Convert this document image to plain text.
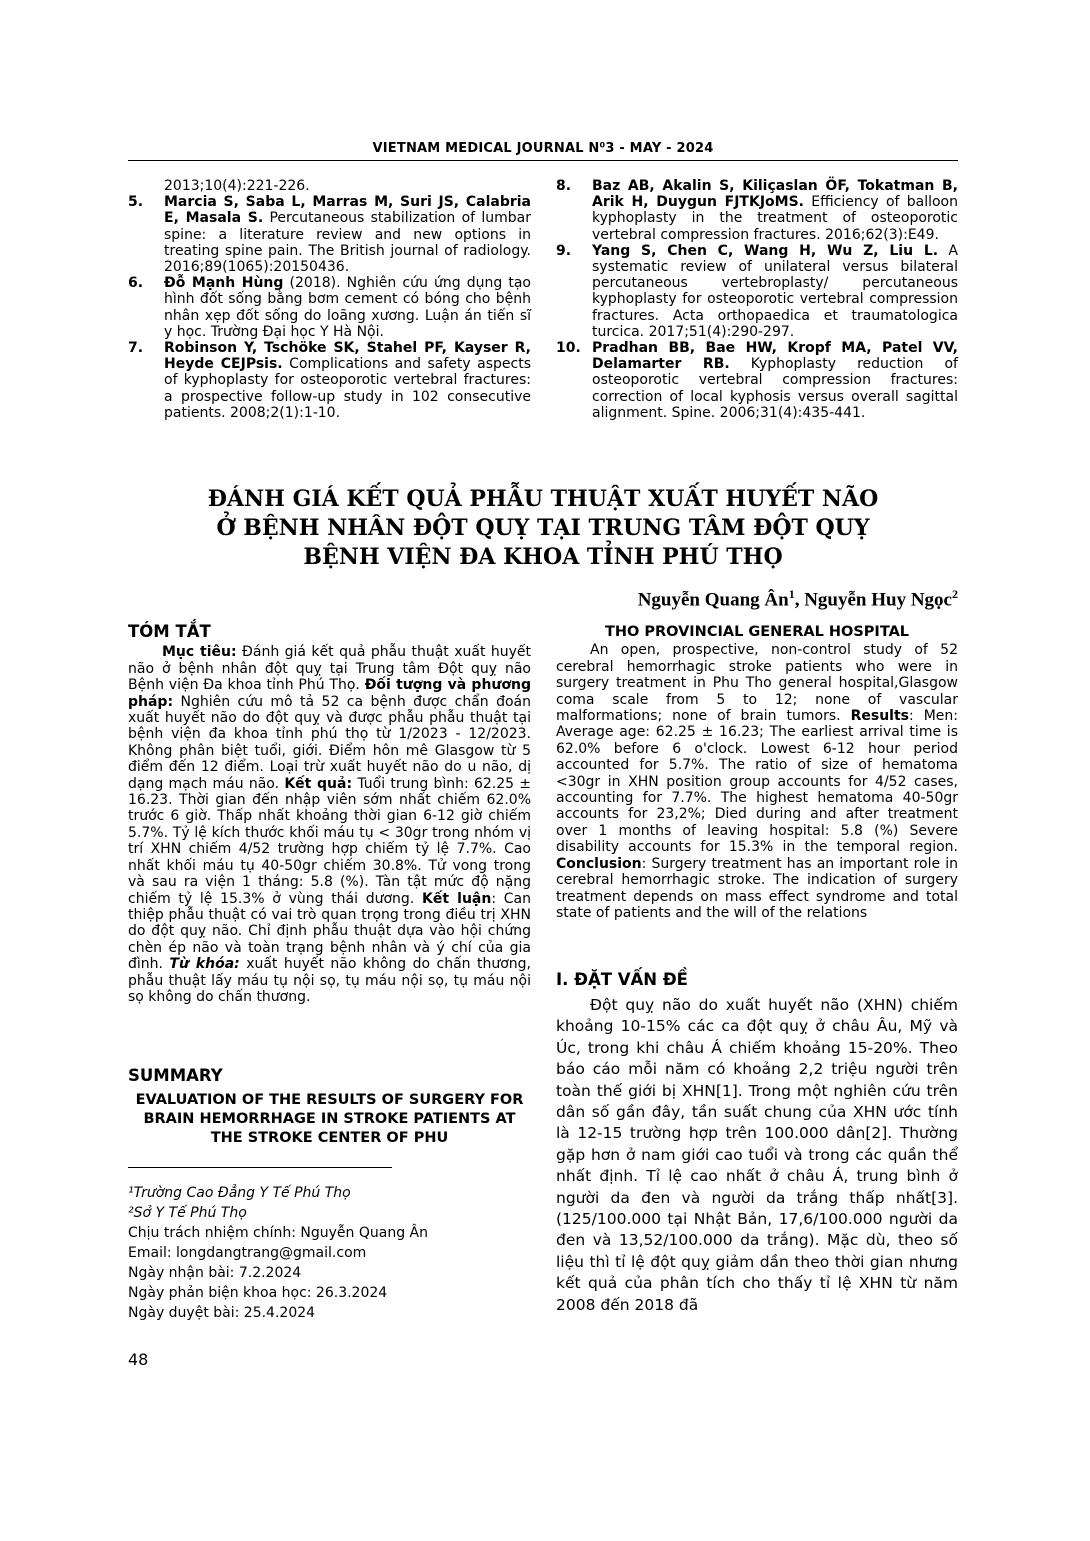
VIETNAM MEDICAL JOURNAL N⁰3 - MAY - 2024
2013;10(4):221-226.
5.	Marcia S, Saba L, Marras M, Suri JS, Calabria E, Masala S. Percutaneous stabilization of lumbar spine: a literature review and new options in treating spine pain. The British journal of radiology. 2016;89(1065):20150436.
6.	Đỗ Mạnh Hùng (2018). Nghiên cứu ứng dụng tạo hình đốt sống bằng bơm cement có bóng cho bệnh nhân xẹp đốt sống do loãng xương. Luận án tiến sĩ y học. Trường Đại học Y Hà Nội.
7.	Robinson Y, Tschöke SK, Stahel PF, Kayser R, Heyde CEJPsis. Complications and safety aspects of kyphoplasty for osteoporotic vertebral fractures: a prospective follow-up study in 102 consecutive patients. 2008;2(1):1-10.
8.	Baz AB, Akalin S, Kiliçaslan ÖF, Tokatman B, Arik H, Duygun FJTKJoMS. Efficiency of balloon kyphoplasty in the treatment of osteoporotic vertebral compression fractures. 2016;62(3):E49.
9.	Yang S, Chen C, Wang H, Wu Z, Liu L. A systematic review of unilateral versus bilateral percutaneous vertebroplasty/ percutaneous kyphoplasty for osteoporotic vertebral compression fractures. Acta orthopaedica et traumatologica turcica. 2017;51(4):290-297.
10. Pradhan BB, Bae HW, Kropf MA, Patel VV, Delamarter RB. Kyphoplasty reduction of osteoporotic vertebral compression fractures: correction of local kyphosis versus overall sagittal alignment. Spine. 2006;31(4):435-441.
ĐÁNH GIÁ KẾT QUẢ PHẪU THUẬT XUẤT HUYẾT NÃO
Ở BỆNH NHÂN ĐỘT QUỴ TẠI TRUNG TÂM ĐỘT QUỴ
BỆNH VIỆN ĐA KHOA TỈNH PHÚ THỌ
Nguyễn Quang $Ân^1$, Nguyễn Huy Ngọc$^2$
TÓM TẮT

Mục tiêu: Đánh giá kết quả phẫu thuật xuất huyết não ở bệnh nhân đột quỵ tại Trung tâm Đột quỵ não Bệnh viện Đa khoa tỉnh Phú Thọ. Đối tượng và phương pháp: Nghiên cứu mô tả 52 ca bệnh được chẩn đoán xuất huyết não do đột quỵ và được phẫu phẫu thuật tại bệnh viện đa khoa tỉnh phú thọ từ 1/2023 - 12/2023. Không phân biệt tuổi, giới. Điểm hôn mê Glasgow từ 5 điểm đến 12 điểm. Loại trừ xuất huyết não do u não, dị dạng mạch máu não. Kết quả: Tuổi trung bình: 62.25 ± 16.23. Thời gian đến nhập viên sớm nhất chiếm 62.0% trước 6 giờ. Thấp nhất khoảng thời gian 6-12 giờ chiếm 5.7%. Tỷ lệ kích thước khối máu tụ < 30gr trong nhóm vị trí XHN chiếm 4/52 trường hợp chiếm tỷ lệ 7.7%. Cao nhất khối máu tụ 40-50gr chiếm 30.8%. Tử vong trong và sau ra viện 1 tháng: 5.8 (%). Tàn tật mức độ nặng chiếm tỷ lệ 15.3% ở vùng thái dương. Kết luận: Can thiệp phẫu thuật có vai trò quan trọng trong điều trị XHN do đột quỵ não. Chỉ định phẫu thuật dựa vào hội chứng chèn ép não và toàn trạng bệnh nhân và ý chí của gia đình. Từ khóa: xuất huyết não không do chấn thương, phẫu thuật lấy máu tụ nội sọ, tụ máu nội sọ, tụ máu nội sọ không do chấn thương.

SUMMARY
EVALUATION OF THE RESULTS OF SURGERY FOR BRAIN HEMORRHAGE IN STROKE PATIENTS AT THE STROKE CENTER OF PHU

¹Trường Cao Đẳng Y Tế Phú Thọ

²Sở Y Tế Phú Thọ

Chịu trách nhiệm chính: Nguyễn Quang Ân

Email: longdangtrang@gmail.com

Ngày nhận bài: 7.2.2024

Ngày phản biện khoa học: 26.3.2024

Ngày duyệt bài: 25.4.2024

THO PROVINCIAL GENERAL HOSPITAL

An open, prospective, non-control study of 52 cerebral hemorrhagic stroke patients who were in surgery treatment in Phu Tho general hospital,Glasgow coma scale from 5 to 12; none of vascular malformations; none of brain tumors. Results: Men: Average age: 62.25 ± 16.23; The earliest arrival time is 62.0% before 6 o'clock. Lowest 6-12 hour period accounted for 5.7%. The ratio of size of hematoma <30gr in XHN position group accounts for 4/52 cases, accounting for 7.7%. The highest hematoma 40-50gr accounts for 23,2%; Died during and after treatment over 1 months of leaving hospital: 5.8 (%) Severe disability accounts for 15.3% in the temporal region. Conclusion: Surgery treatment has an important role in cerebral hemorrhagic stroke. The indication of surgery treatment depends on mass effect syndrome and total state of patients and the will of the relations

I. ĐẶT VẤN ĐỀ

Đột quỵ não do xuất huyết não (XHN) chiếm khoảng 10-15% các ca đột quỵ ở châu Âu, Mỹ và Úc, trong khi châu Á chiếm khoảng 15-20%. Theo báo cáo mỗi năm có khoảng 2,2 triệu người trên toàn thế giới bị XHN[1]. Trong một nghiên cứu trên dân số gần đây, tần suất chung của XHN ước tính là 12-15 trường hợp trên 100.000 dân[2]. Thường gặp hơn ở nam giới cao tuổi và trong các quần thể nhất định. Tỉ lệ cao nhất ở châu Á, trung bình ở người da đen và người da trắng thấp nhất[3]. (125/100.000 tại Nhật Bản, 17,6/100.000 người da đen và 13,52/100.000 da trắng). Mặc dù, theo số liệu thì tỉ lệ đột quỵ giảm dần theo thời gian nhưng kết quả của phân tích cho thấy tỉ lệ XHN từ năm 2008 đến 2018 đã

48
